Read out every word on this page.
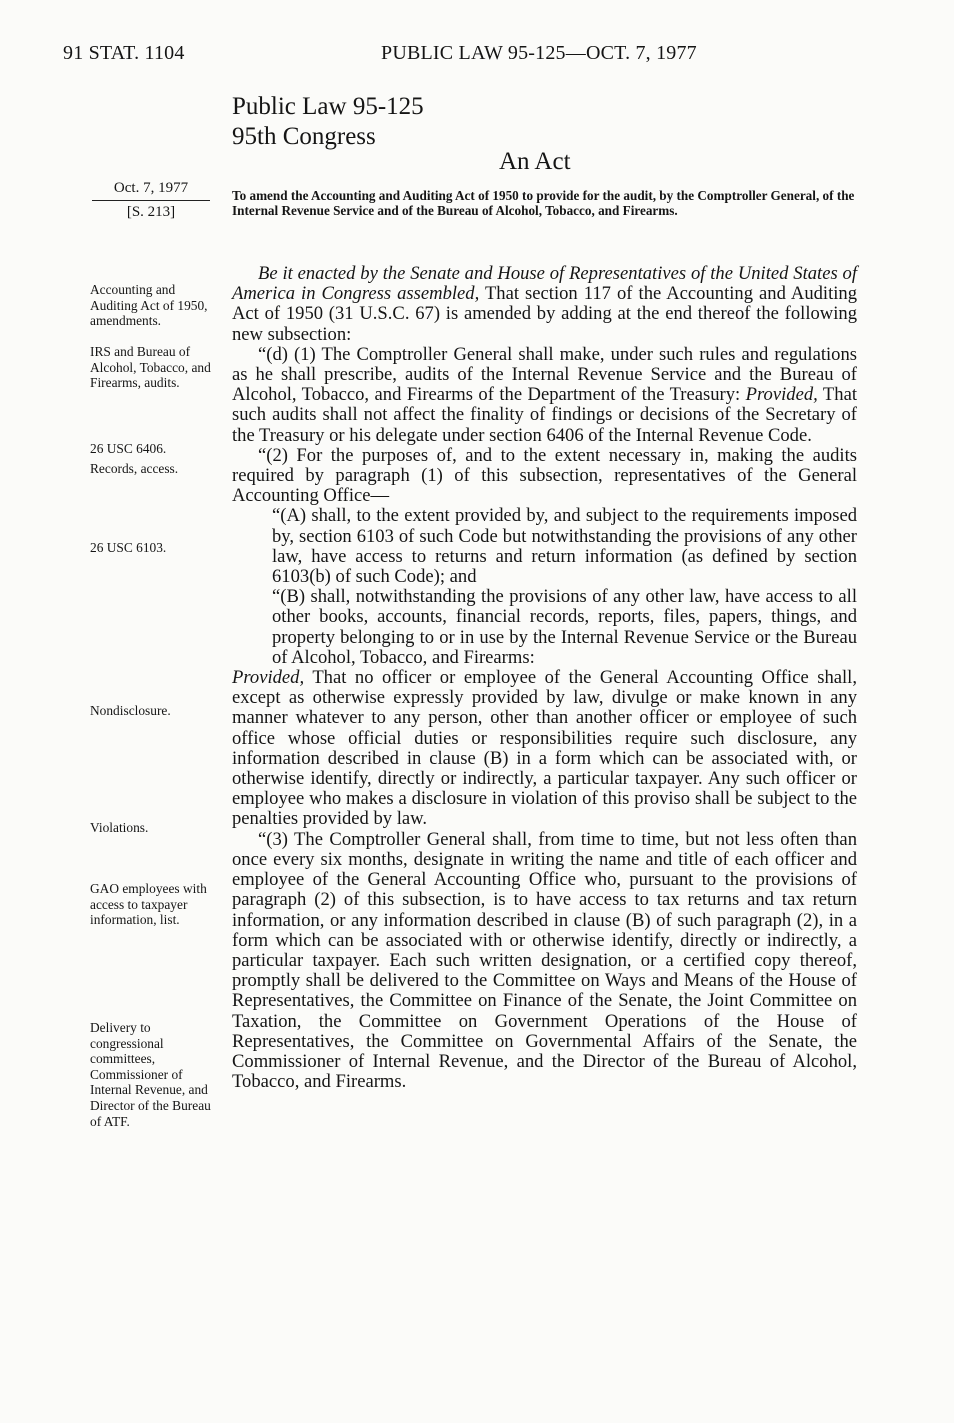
91 STAT. 1104	PUBLIC LAW 95-125—OCT. 7, 1977
Public Law 95-125
95th Congress
An Act
Oct. 7, 1977
[S. 213]
To amend the Accounting and Auditing Act of 1950 to provide for the audit, by the Comptroller General, of the Internal Revenue Service and of the Bureau of Alcohol, Tobacco, and Firearms.

Be it enacted by the Senate and House of Representatives of the United States of America in Congress assembled, That section 117 of the Accounting and Auditing Act of 1950 (31 U.S.C. 67) is amended by adding at the end thereof the following new subsection:

“(d) (1) The Comptroller General shall make, under such rules and regulations as he shall prescribe, audits of the Internal Revenue Service and the Bureau of Alcohol, Tobacco, and Firearms of the Department of the Treasury: Provided, That such audits shall not affect the finality of findings or decisions of the Secretary of the Treasury or his delegate under section 6406 of the Internal Revenue Code.

“(2) For the purposes of, and to the extent necessary in, making the audits required by paragraph (1) of this subsection, representatives of the General Accounting Office—

“(A) shall, to the extent provided by, and subject to the requirements imposed by, section 6103 of such Code but notwithstanding the provisions of any other law, have access to returns and return information (as defined by section 6103(b) of such Code); and

“(B) shall, notwithstanding the provisions of any other law, have access to all other books, accounts, financial records, reports, files, papers, things, and property belonging to or in use by the Internal Revenue Service or the Bureau of Alcohol, Tobacco, and Firearms:

Provided, That no officer or employee of the General Accounting Office shall, except as otherwise expressly provided by law, divulge or make known in any manner whatever to any person, other than another officer or employee of such office whose official duties or responsibilities require such disclosure, any information described in clause (B) in a form which can be associated with, or otherwise identify, directly or indirectly, a particular taxpayer. Any such officer or employee who makes a disclosure in violation of this proviso shall be subject to the penalties provided by law.

“(3) The Comptroller General shall, from time to time, but not less often than once every six months, designate in writing the name and title of each officer and employee of the General Accounting Office who, pursuant to the provisions of paragraph (2) of this subsection, is to have access to tax returns and tax return information, or any information described in clause (B) of such paragraph (2), in a form which can be associated with or otherwise identify, directly or indirectly, a particular taxpayer. Each such written designation, or a certified copy thereof, promptly shall be delivered to the Committee on Ways and Means of the House of Representatives, the Committee on Finance of the Senate, the Joint Committee on Taxation, the Committee on Government Operations of the House of Representatives, the Committee on Governmental Affairs of the Senate, the Commissioner of Internal Revenue, and the Director of the Bureau of Alcohol, Tobacco, and Firearms.

Accounting and Auditing Act of 1950, amendments.
IRS and Bureau of Alcohol, Tobacco, and Firearms, audits.
26 USC 6406.
Records, access.
26 USC 6103.
Nondisclosure.
Violations.
GAO employees with access to taxpayer information, list.
Delivery to congressional committees, Commissioner of Internal Revenue, and Director of the Bureau of ATF.
